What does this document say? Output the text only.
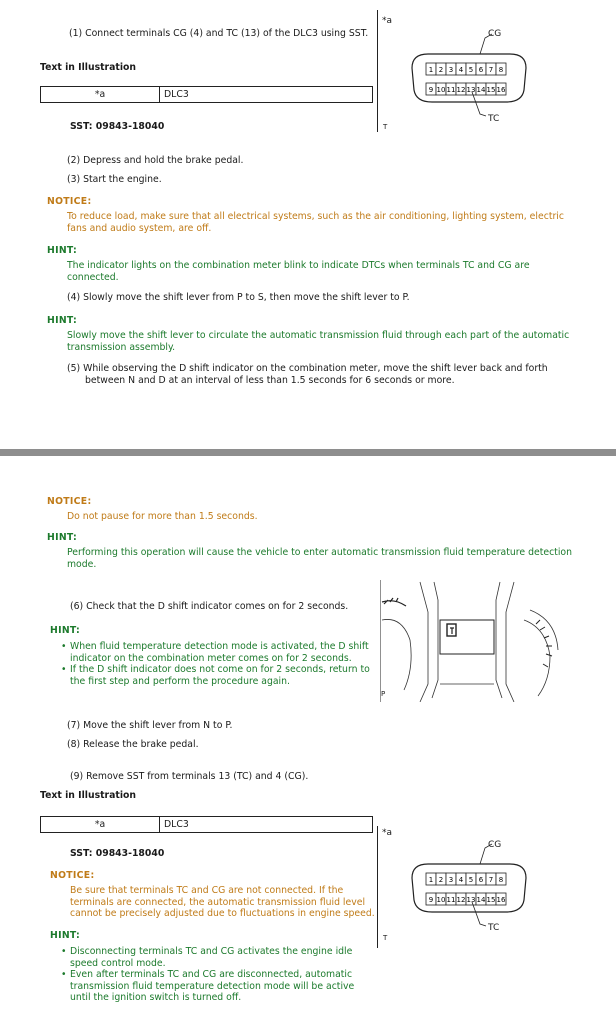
(1) Connect terminals CG (4) and TC (13) of the DLC3 using SST.
Text in Illustration
*a	DLC3
SST: 09843-18040
*a
CG
TC
T
1 2 3 4 5 6 7 8
9 10 11 12 13 14 15 16
(2) Depress and hold the brake pedal.
(3) Start the engine.
NOTICE:
To reduce load, make sure that all electrical systems, such as the air conditioning, lighting system, electric fans and audio system, are off.
HINT:
The indicator lights on the combination meter blink to indicate DTCs when terminals TC and CG are connected.
(4) Slowly move the shift lever from P to S, then move the shift lever to P.
HINT:
Slowly move the shift lever to circulate the automatic transmission fluid through each part of the automatic transmission assembly.
(5) While observing the D shift indicator on the combination meter, move the shift lever back and forth between N and D at an interval of less than 1.5 seconds for 6 seconds or more.
NOTICE:
Do not pause for more than 1.5 seconds.
HINT:
Performing this operation will cause the vehicle to enter automatic transmission fluid temperature detection mode.
(6) Check that the D shift indicator comes on for 2 seconds.
HINT:
• When fluid temperature detection mode is activated, the D shift indicator on the combination meter comes on for 2 seconds.
• If the D shift indicator does not come on for 2 seconds, return to the first step and perform the procedure again.
P
(7) Move the shift lever from N to P.
(8) Release the brake pedal.
(9) Remove SST from terminals 13 (TC) and 4 (CG).
Text in Illustration
*a	DLC3
SST: 09843-18040
NOTICE:
Be sure that terminals TC and CG are not connected. If the terminals are connected, the automatic transmission fluid level cannot be precisely adjusted due to fluctuations in engine speed.
HINT:
• Disconnecting terminals TC and CG activates the engine idle speed control mode.
• Even after terminals TC and CG are disconnected, automatic transmission fluid temperature detection mode will be active until the ignition switch is turned off.
*a
CG
TC
T
1 2 3 4 5 6 7 8
9 10 11 12 13 14 15 16
